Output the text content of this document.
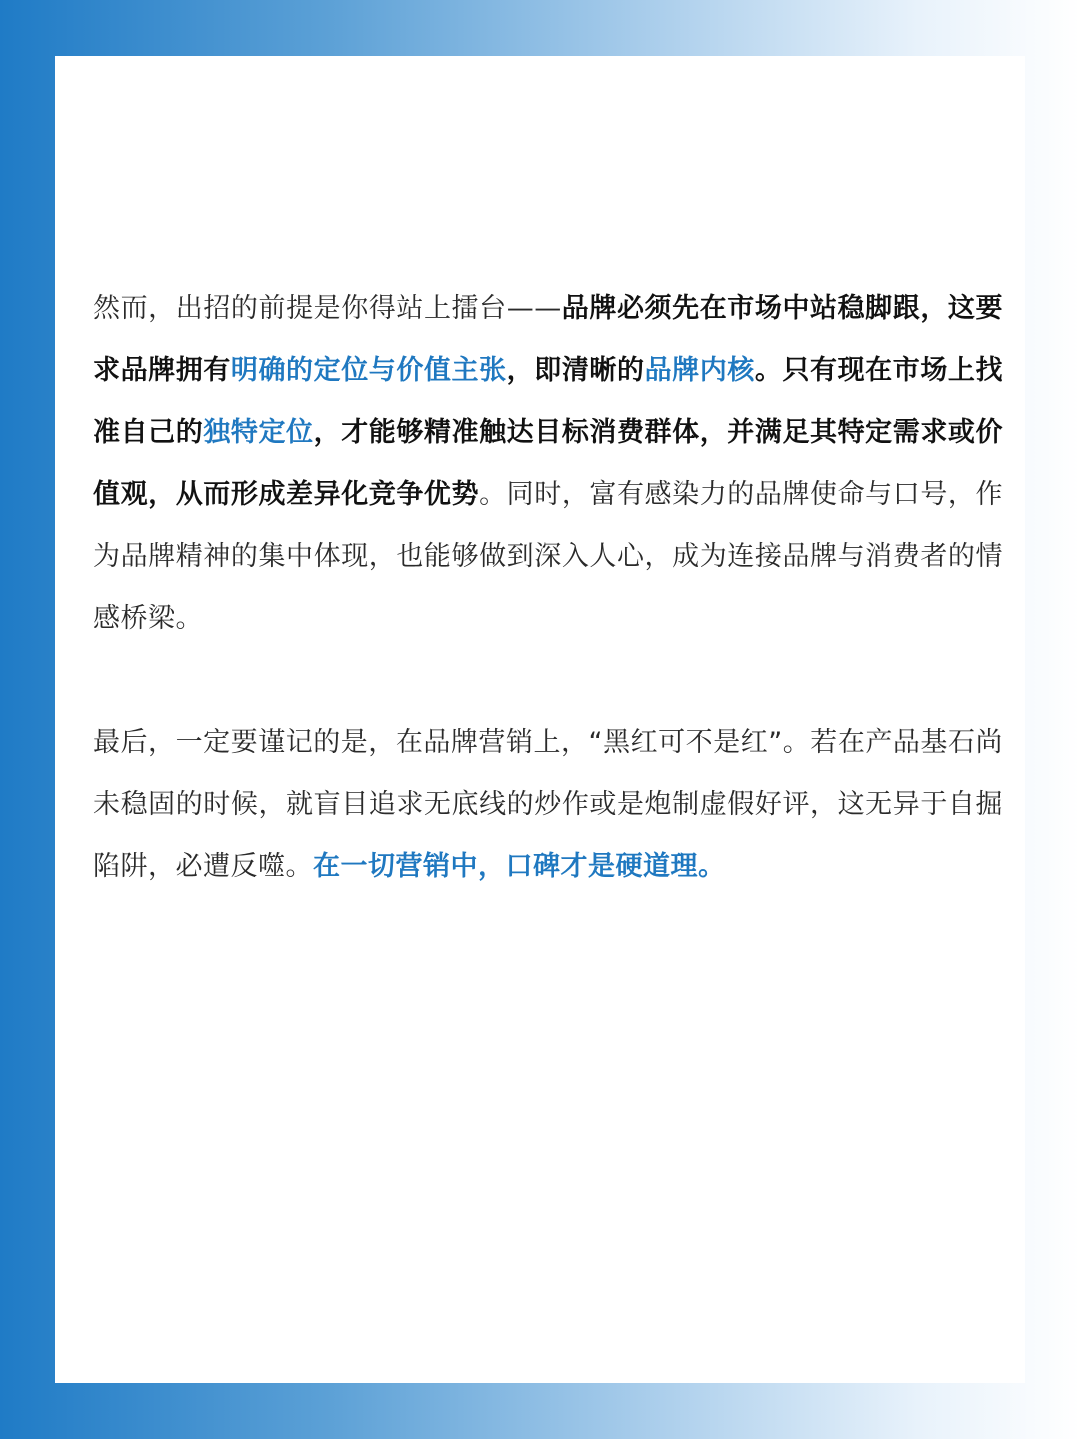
然而，出招的前提是你得站上擂台——品牌必须先在市场中站稳脚跟，这要求品牌拥有明确的定位与价值主张，即清晰的品牌内核。只有现在市场上找准自己的独特定位，才能够精准触达目标消费群体，并满足其特定需求或价值观，从而形成差异化竞争优势。同时，富有感染力的品牌使命与口号，作为品牌精神的集中体现，也能够做到深入人心，成为连接品牌与消费者的情感桥梁。

最后，一定要谨记的是，在品牌营销上，“黑红可不是红”。若在产品基石尚未稳固的时候，就盲目追求无底线的炒作或是炮制虚假好评，这无异于自掘陷阱，必遭反噬。在一切营销中，口碑才是硬道理。
